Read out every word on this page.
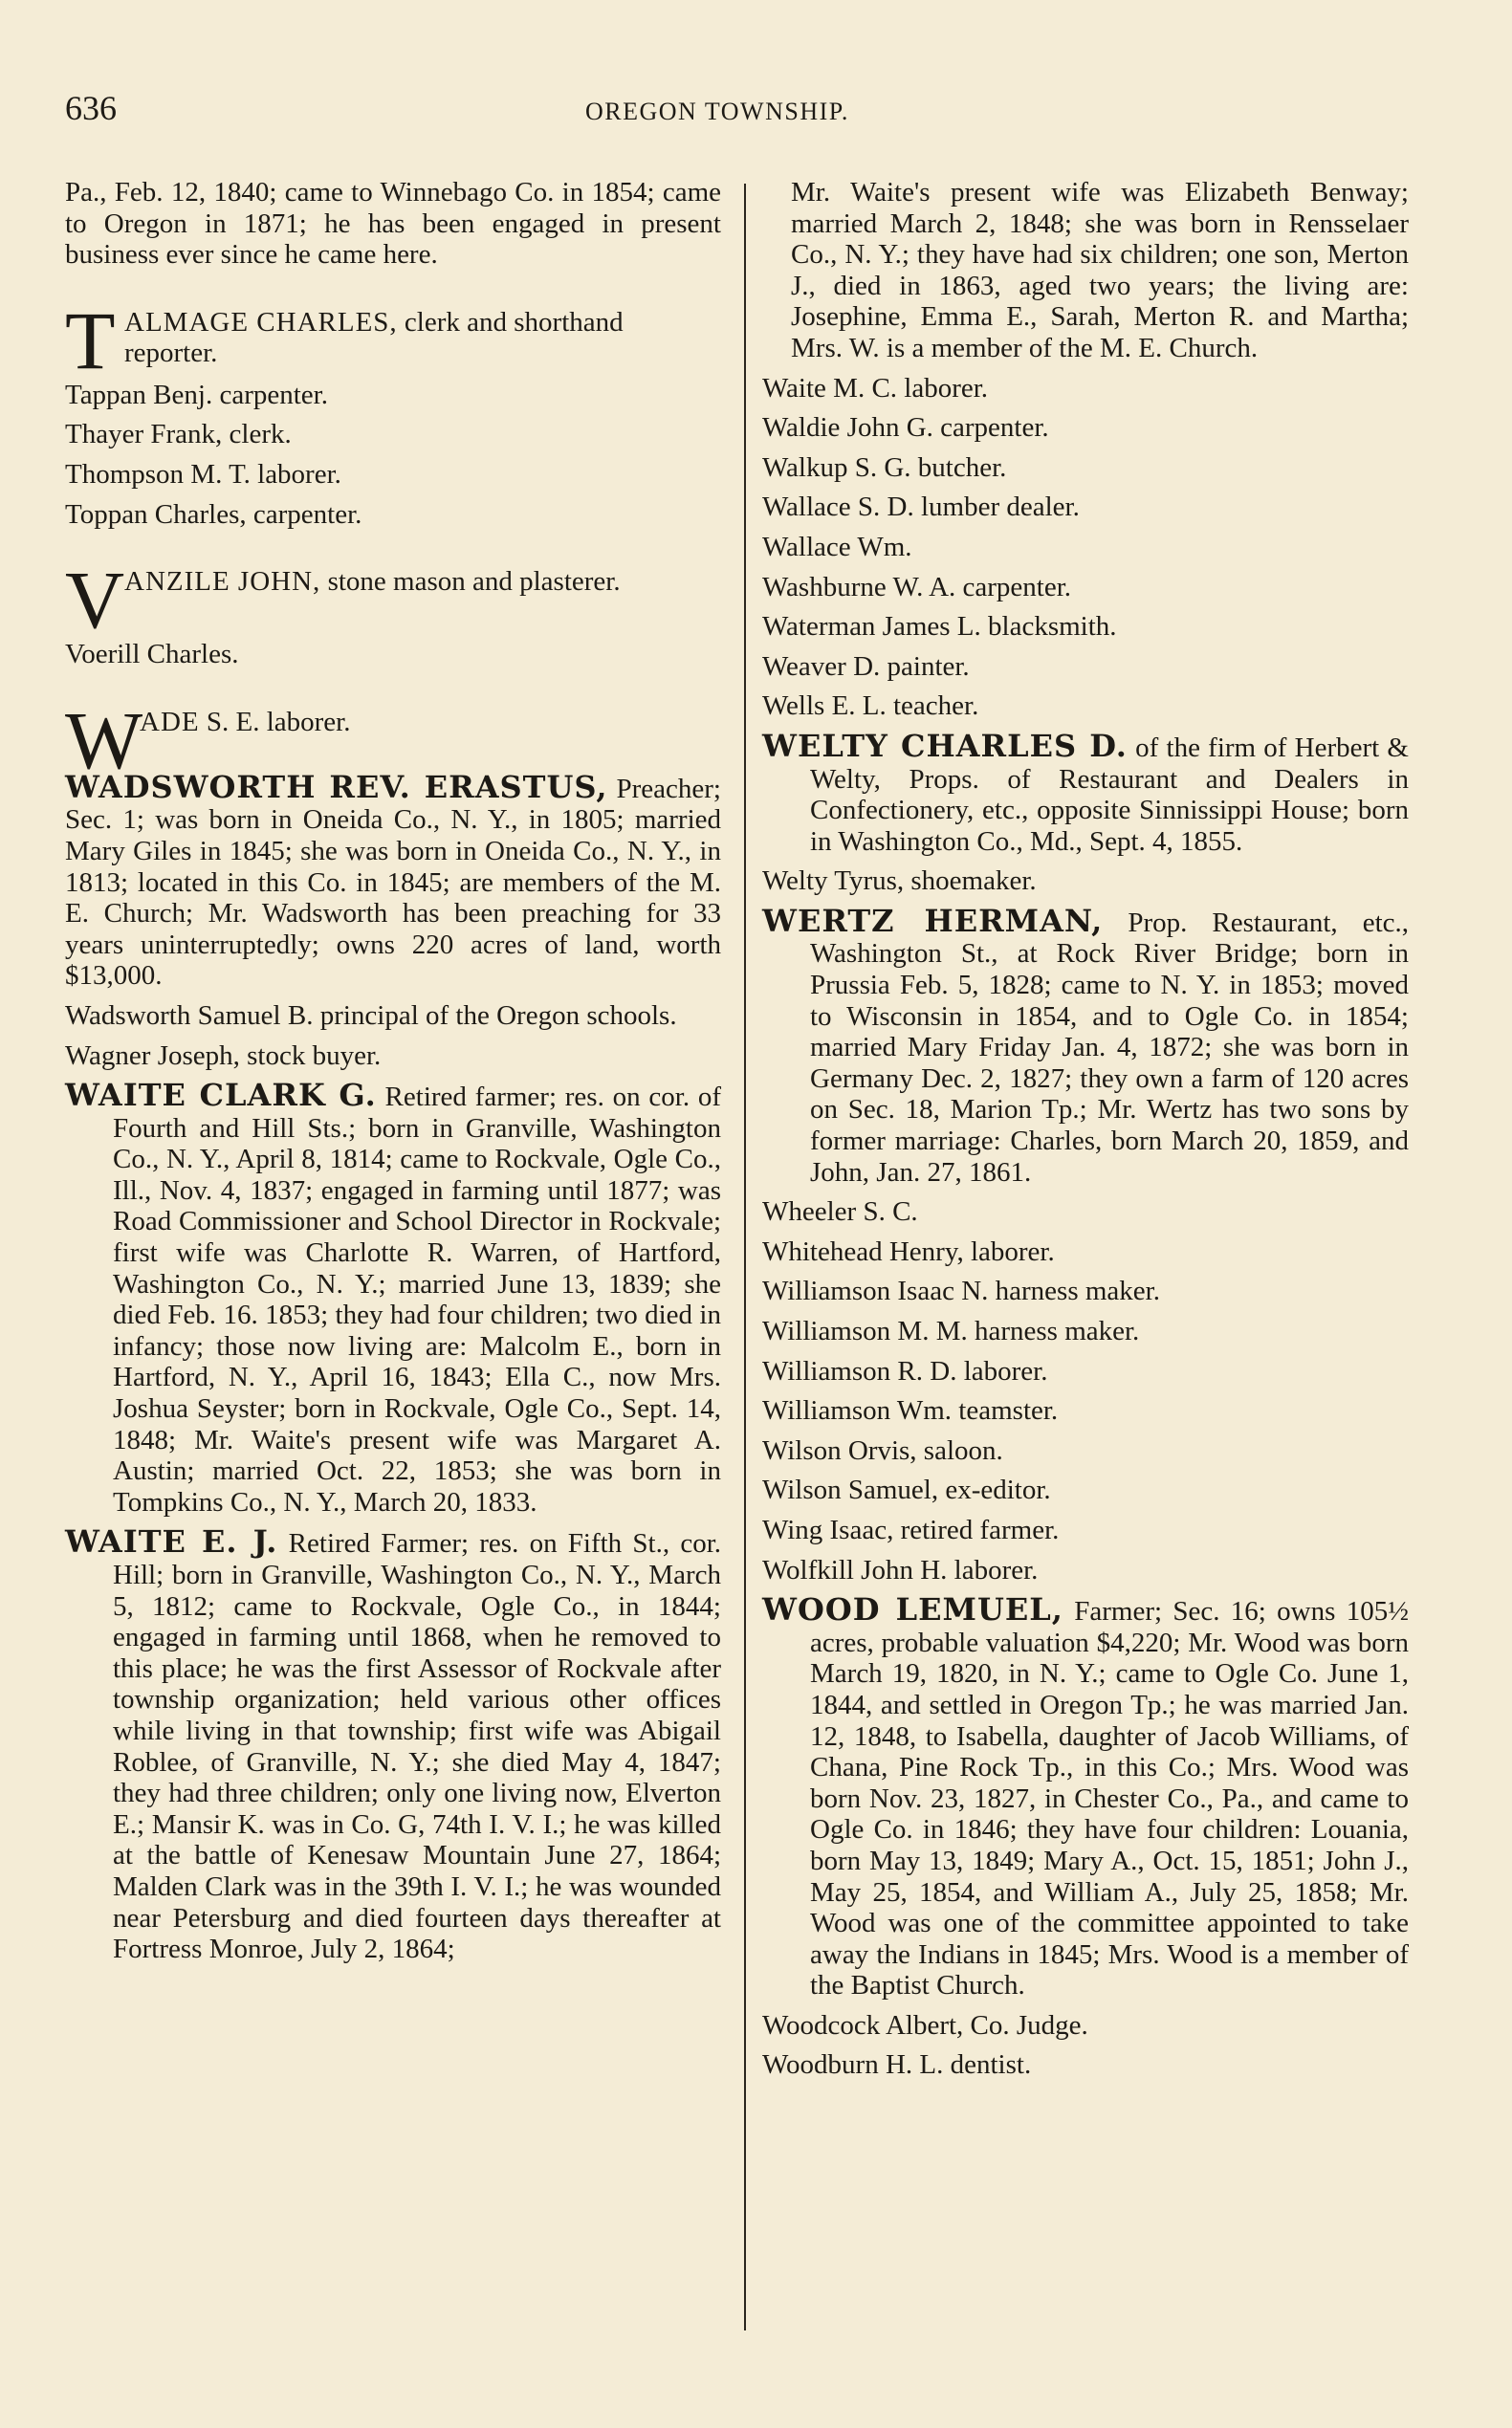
636	OREGON TOWNSHIP.
Pa., Feb. 12, 1840; came to Winnebago Co. in 1854; came to Oregon in 1871; he has been engaged in present business ever since he came here.
T ALMAGE CHARLES, clerk and shorthand reporter.
Tappan Benj. carpenter.
Thayer Frank, clerk.
Thompson M. T. laborer.
Toppan Charles, carpenter.
V ANZILE JOHN, stone mason and plasterer.
Voerill Charles.
W
ADE S. E. laborer.
WADSWORTH REV. ERASTUS, Preacher; Sec. 1; was born in Oneida Co., N. Y., in 1805; married Mary Giles in 1845; she was born in Oneida Co., N. Y., in 1813; located in this Co. in 1845; are members of the M. E. Church; Mr. Wadsworth has been preaching for 33 years uninterruptedly; owns 220 acres of land, worth $13,000.
Wadsworth Samuel B. principal of the Oregon schools.
Wagner Joseph, stock buyer.
WAITE CLARK G. Retired farmer; res. on cor. of Fourth and Hill Sts.; born in Granville, Washington Co., N. Y., April 8, 1814; came to Rockvale, Ogle Co., Ill., Nov. 4, 1837; engaged in farming until 1877; was Road Commissioner and School Director in Rockvale; first wife was Charlotte R. Warren, of Hartford, Washington Co., N. Y.; married June 13, 1839; she died Feb. 16. 1853; they had four children; two died in infancy; those now living are: Malcolm E., born in Hartford, N. Y., April 16, 1843; Ella C., now Mrs. Joshua Seyster; born in Rockvale, Ogle Co., Sept. 14, 1848; Mr. Waite's present wife was Margaret A. Austin; married Oct. 22, 1853; she was born in Tompkins Co., N. Y., March 20, 1833.
WAITE E. J. Retired Farmer; res. on Fifth St., cor. Hill; born in Granville, Washington Co., N. Y., March 5, 1812; came to Rockvale, Ogle Co., in 1844; engaged in farming until 1868, when he removed to this place; he was the first Assessor of Rockvale after township organization; held various other offices while living in that township; first wife was Abigail Roblee, of Granville, N. Y.; she died May 4, 1847; they had three children; only one living now, Elverton E.; Mansir K. was in Co. G, 74th I. V. I.; he was killed at the battle of Kenesaw Mountain June 27, 1864; Malden Clark was in the 39th I. V. I.; he was wounded near Petersburg and died fourteen days thereafter at Fortress Monroe, July 2, 1864;
Mr. Waite's present wife was Elizabeth Benway; married March 2, 1848; she was born in Rensselaer Co., N. Y.; they have had six children; one son, Merton J., died in 1863, aged two years; the living are: Josephine, Emma E., Sarah, Merton R. and Martha; Mrs. W. is a member of the M. E. Church.
Waite M. C. laborer.
Waldie John G. carpenter.
Walkup S. G. butcher.
Wallace S. D. lumber dealer.
Wallace Wm.
Washburne W. A. carpenter.
Waterman James L. blacksmith.
Weaver D. painter.
Wells E. L. teacher.
WELTY CHARLES D. of the firm of Herbert & Welty, Props. of Restaurant and Dealers in Confectionery, etc., opposite Sinnissippi House; born in Washington Co., Md., Sept. 4, 1855.
Welty Tyrus, shoemaker.
WERTZ HERMAN, Prop. Restaurant, etc., Washington St., at Rock River Bridge; born in Prussia Feb. 5, 1828; came to N. Y. in 1853; moved to Wisconsin in 1854, and to Ogle Co. in 1854; married Mary Friday Jan. 4, 1872; she was born in Germany Dec. 2, 1827; they own a farm of 120 acres on Sec. 18, Marion Tp.; Mr. Wertz has two sons by former marriage: Charles, born March 20, 1859, and John, Jan. 27, 1861.
Wheeler S. C.
Whitehead Henry, laborer.
Williamson Isaac N. harness maker.
Williamson M. M. harness maker.
Williamson R. D. laborer.
Williamson Wm. teamster.
Wilson Orvis, saloon.
Wilson Samuel, ex-editor.
Wing Isaac, retired farmer.
Wolfkill John H. laborer.
WOOD LEMUEL, Farmer; Sec. 16; owns 105½ acres, probable valuation $4,220; Mr. Wood was born March 19, 1820, in N. Y.; came to Ogle Co. June 1, 1844, and settled in Oregon Tp.; he was married Jan. 12, 1848, to Isabella, daughter of Jacob Williams, of Chana, Pine Rock Tp., in this Co.; Mrs. Wood was born Nov. 23, 1827, in Chester Co., Pa., and came to Ogle Co. in 1846; they have four children: Louania, born May 13, 1849; Mary A., Oct. 15, 1851; John J., May 25, 1854, and William A., July 25, 1858; Mr. Wood was one of the committee appointed to take away the Indians in 1845; Mrs. Wood is a member of the Baptist Church.
Woodcock Albert, Co. Judge.
Woodburn H. L. dentist.
